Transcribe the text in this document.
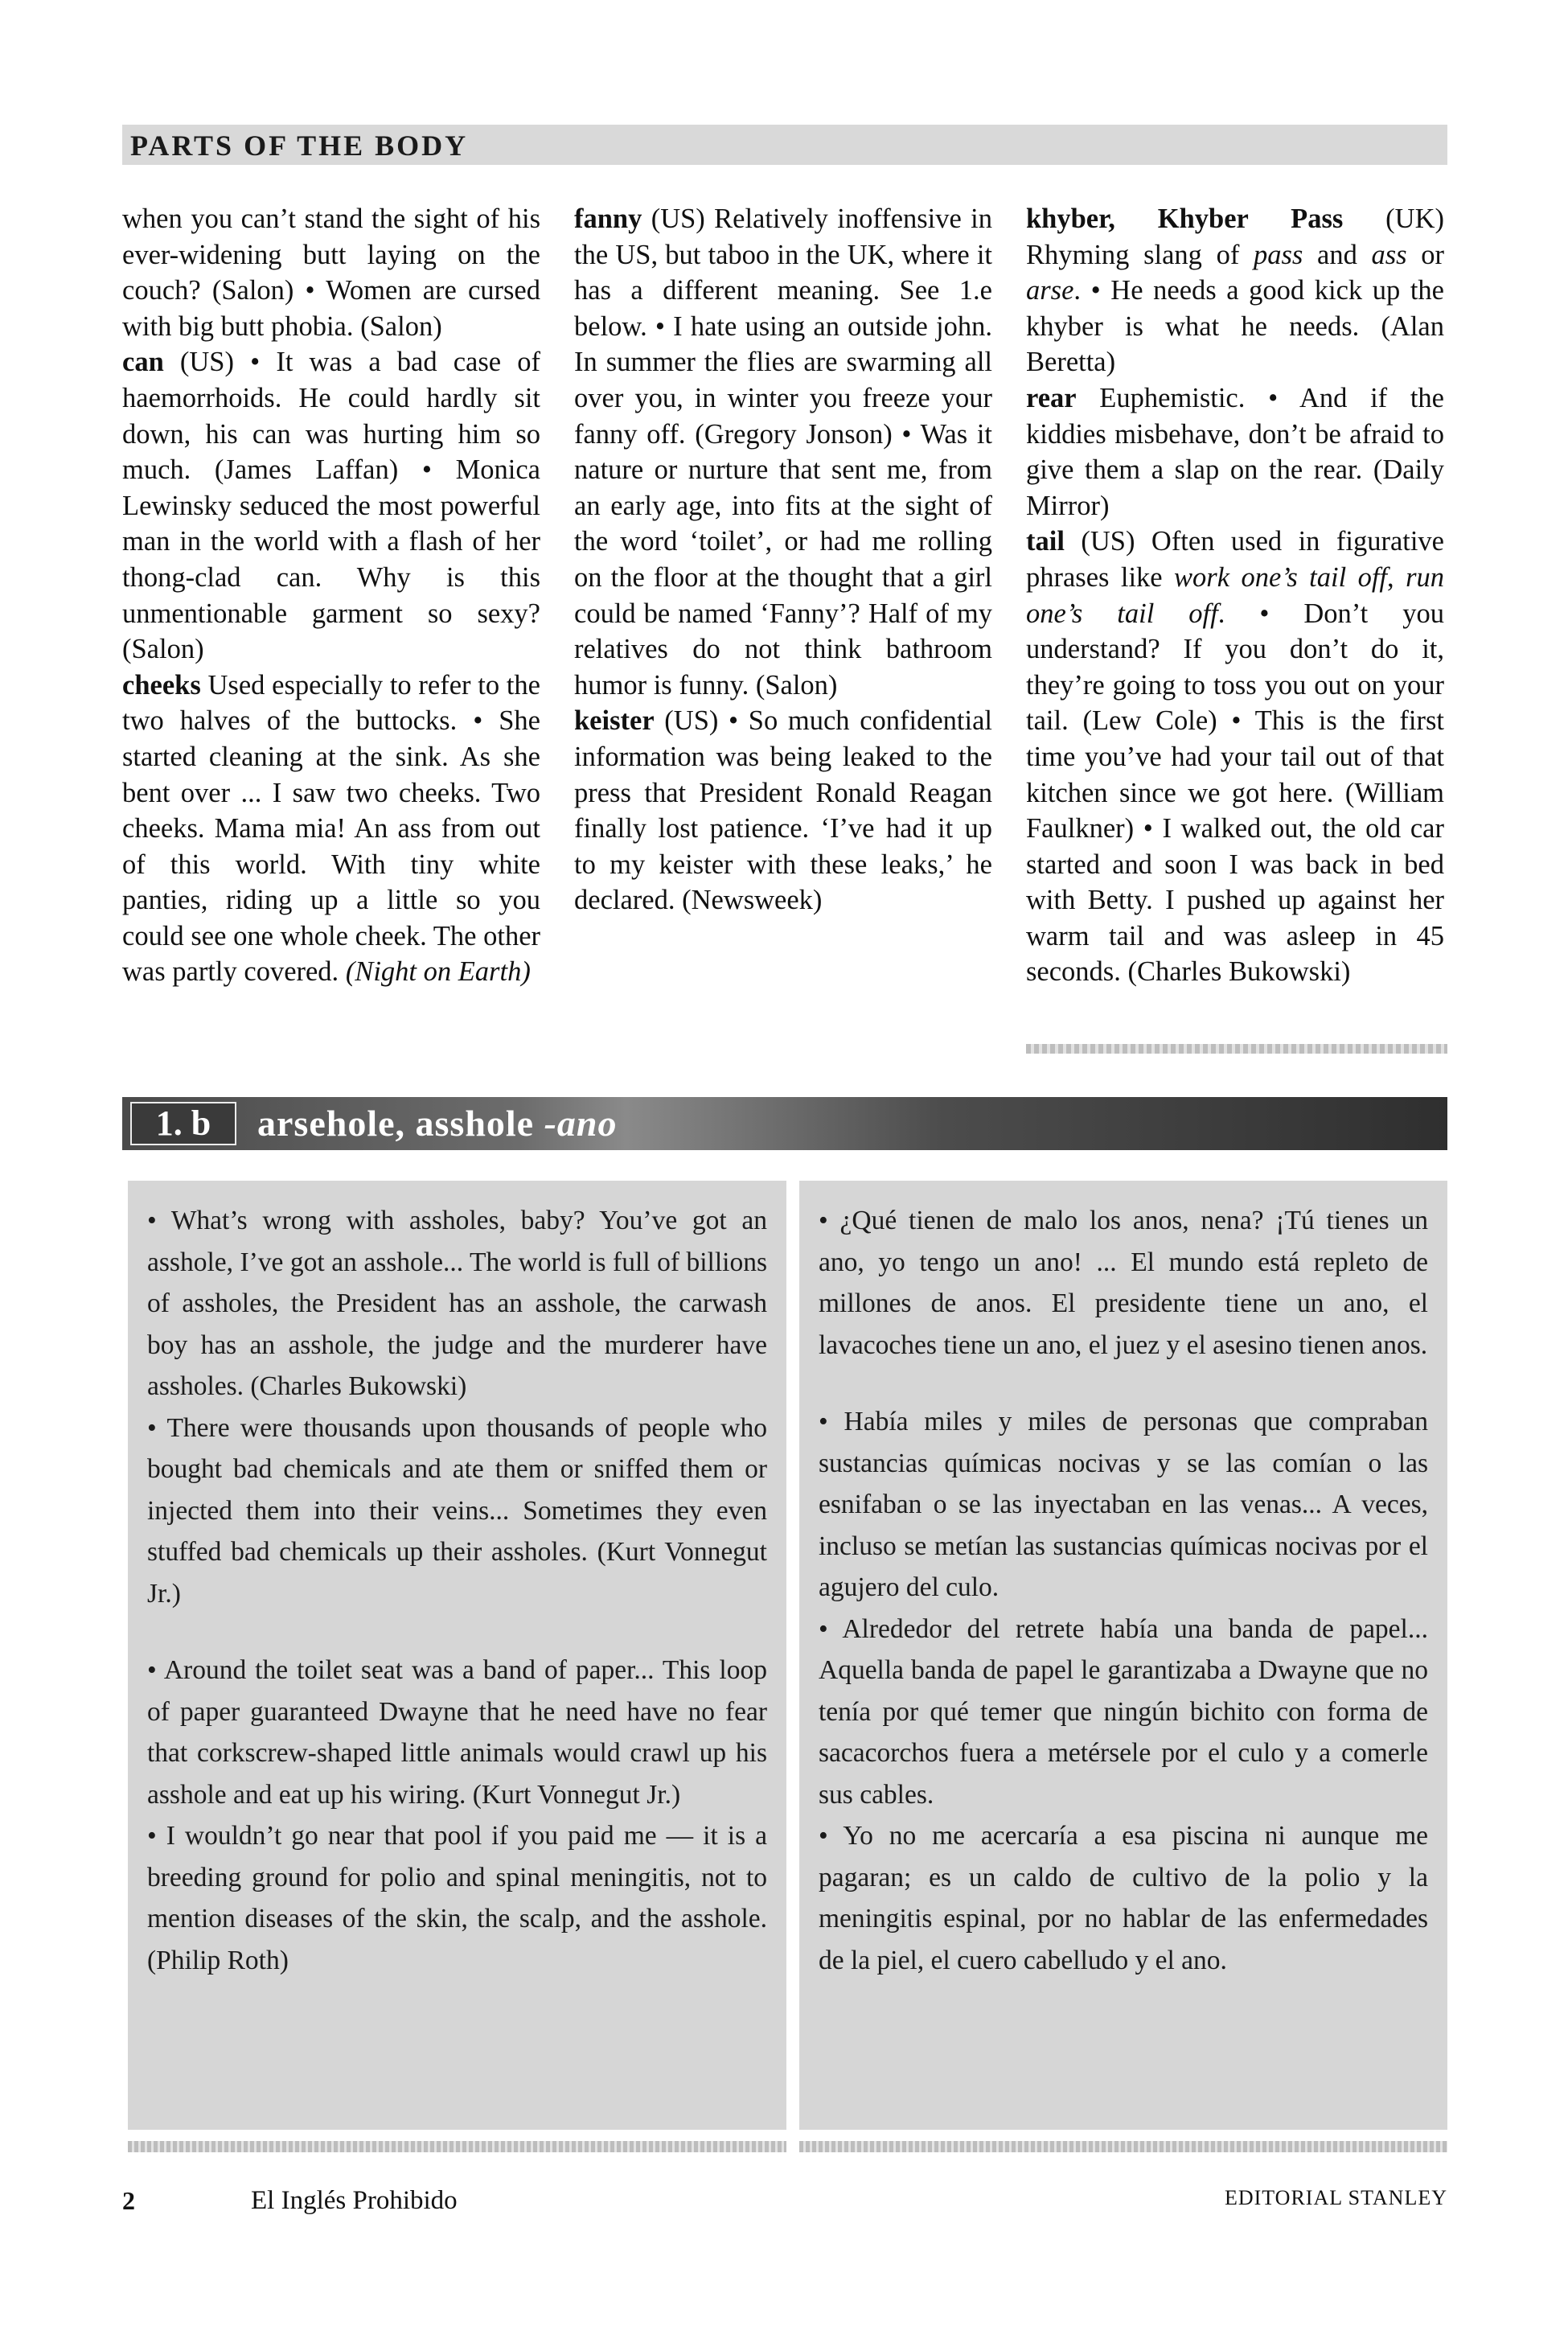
PARTS OF THE BODY

when you can’t stand the sight of his ever-widening butt laying on the couch? (Salon) • Women are cursed with big butt phobia. (Salon)

can (US) • It was a bad case of haemorrhoids. He could hardly sit down, his can was hurting him so much. (James Laffan) • Monica Lewinsky seduced the most powerful man in the world with a flash of her thong-clad can. Why is this unmentionable garment so sexy? (Salon)

cheeks Used especially to refer to the two halves of the buttocks. • She started cleaning at the sink. As she bent over ... I saw two cheeks. Two cheeks. Mama mia! An ass from out of this world. With tiny white panties, riding up a little so you could see one whole cheek. The other was partly covered. (Night on Earth)

fanny (US) Relatively inoffensive in the US, but taboo in the UK, where it has a different meaning. See 1.e below. • I hate using an outside john. In summer the flies are swarming all over you, in winter you freeze your fanny off. (Gregory Jonson) • Was it nature or nurture that sent me, from an early age, into fits at the sight of the word ‘toilet’, or had me rolling on the floor at the thought that a girl could be named ‘Fanny’? Half of my relatives do not think bathroom humor is funny. (Salon)

keister (US) • So much confidential information was being leaked to the press that President Ronald Reagan finally lost patience. ‘I’ve had it up to my keister with these leaks,’ he declared. (Newsweek)

khyber, Khyber Pass (UK) Rhyming slang of pass and ass or arse. • He needs a good kick up the khyber is what he needs. (Alan Beretta)

rear Euphemistic. • And if the kiddies misbehave, don’t be afraid to give them a slap on the rear. (Daily Mirror)

tail (US) Often used in figurative phrases like work one’s tail off, run one’s tail off. • Don’t you understand? If you don’t do it, they’re going to toss you out on your tail. (Lew Cole) • This is the first time you’ve had your tail out of that kitchen since we got here. (William Faulkner) • I walked out, the old car started and soon I was back in bed with Betty. I pushed up against her warm tail and was asleep in 45 seconds. (Charles Bukowski)

1. b	arsehole, asshole -ano

• What’s wrong with assholes, baby? You’ve got an asshole, I’ve got an asshole... The world is full of billions of assholes, the President has an asshole, the carwash boy has an asshole, the judge and the murderer have assholes. (Charles Bukowski)

• There were thousands upon thousands of people who bought bad chemicals and ate them or sniffed them or injected them into their veins... Sometimes they even stuffed bad chemicals up their assholes. (Kurt Vonnegut Jr.)

• Around the toilet seat was a band of paper... This loop of paper guaranteed Dwayne that he need have no fear that corkscrew-shaped little animals would crawl up his asshole and eat up his wiring. (Kurt Vonnegut Jr.)

• I wouldn’t go near that pool if you paid me — it is a breeding ground for polio and spinal meningitis, not to mention diseases of the skin, the scalp, and the asshole. (Philip Roth)

• ¿Qué tienen de malo los anos, nena? ¡Tú tienes un ano, yo tengo un ano! ... El mundo está repleto de millones de anos. El presidente tiene un ano, el lavacoches tiene un ano, el juez y el asesino tienen anos.

• Había miles y miles de personas que compraban sustancias químicas nocivas y se las comían o las esnifaban o se las inyectaban en las venas... A veces, incluso se metían las sustancias químicas nocivas por el agujero del culo.

• Alrededor del retrete había una banda de papel... Aquella banda de papel le garantizaba a Dwayne que no tenía por qué temer que ningún bichito con forma de sacacorchos fuera a metérsele por el culo y a comerle sus cables.

• Yo no me acercaría a esa piscina ni aunque me pagaran; es un caldo de cultivo de la polio y la meningitis espinal, por no hablar de las enfermedades de la piel, el cuero cabelludo y el ano.

2	El Inglés Prohibido	EDITORIAL STANLEY
